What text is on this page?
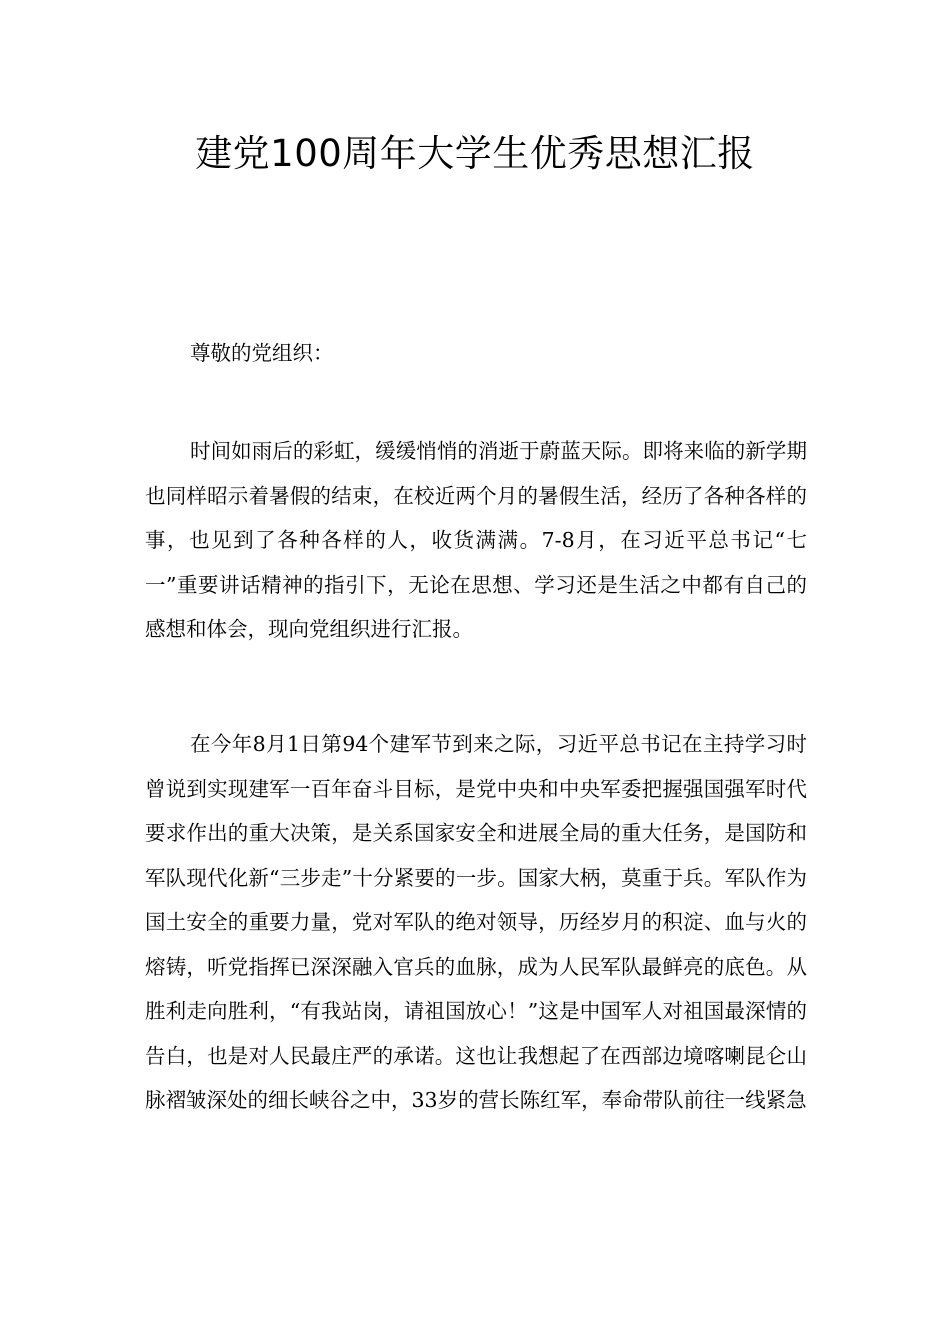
建党100周年大学生优秀思想汇报

尊敬的党组织：

时间如雨后的彩虹，缓缓悄悄的消逝于蔚蓝天际。即将来临的新学期也同样昭示着暑假的结束，在校近两个月的暑假生活，经历了各种各样的事，也见到了各种各样的人，收货满满。7-8月，在习近平总书记“七一”重要讲话精神的指引下，无论在思想、学习还是生活之中都有自己的感想和体会，现向党组织进行汇报。

在今年8月1日第94个建军节到来之际，习近平总书记在主持学习时曾说到实现建军一百年奋斗目标，是党中央和中央军委把握强国强军时代要求作出的重大决策，是关系国家安全和进展全局的重大任务，是国防和军队现代化新“三步走”十分紧要的一步。国家大柄，莫重于兵。军队作为国土安全的重要力量，党对军队的绝对领导，历经岁月的积淀、血与火的熔铸，听党指挥已深深融入官兵的血脉，成为人民军队最鲜亮的底色。从胜利走向胜利，“有我站岗，请祖国放心！”这是中国军人对祖国最深情的告白，也是对人民最庄严的承诺。这也让我想起了在西部边境喀喇昆仑山脉褶皱深处的细长峡谷之中，33岁的营长陈红军，奉命带队前往一线紧急
